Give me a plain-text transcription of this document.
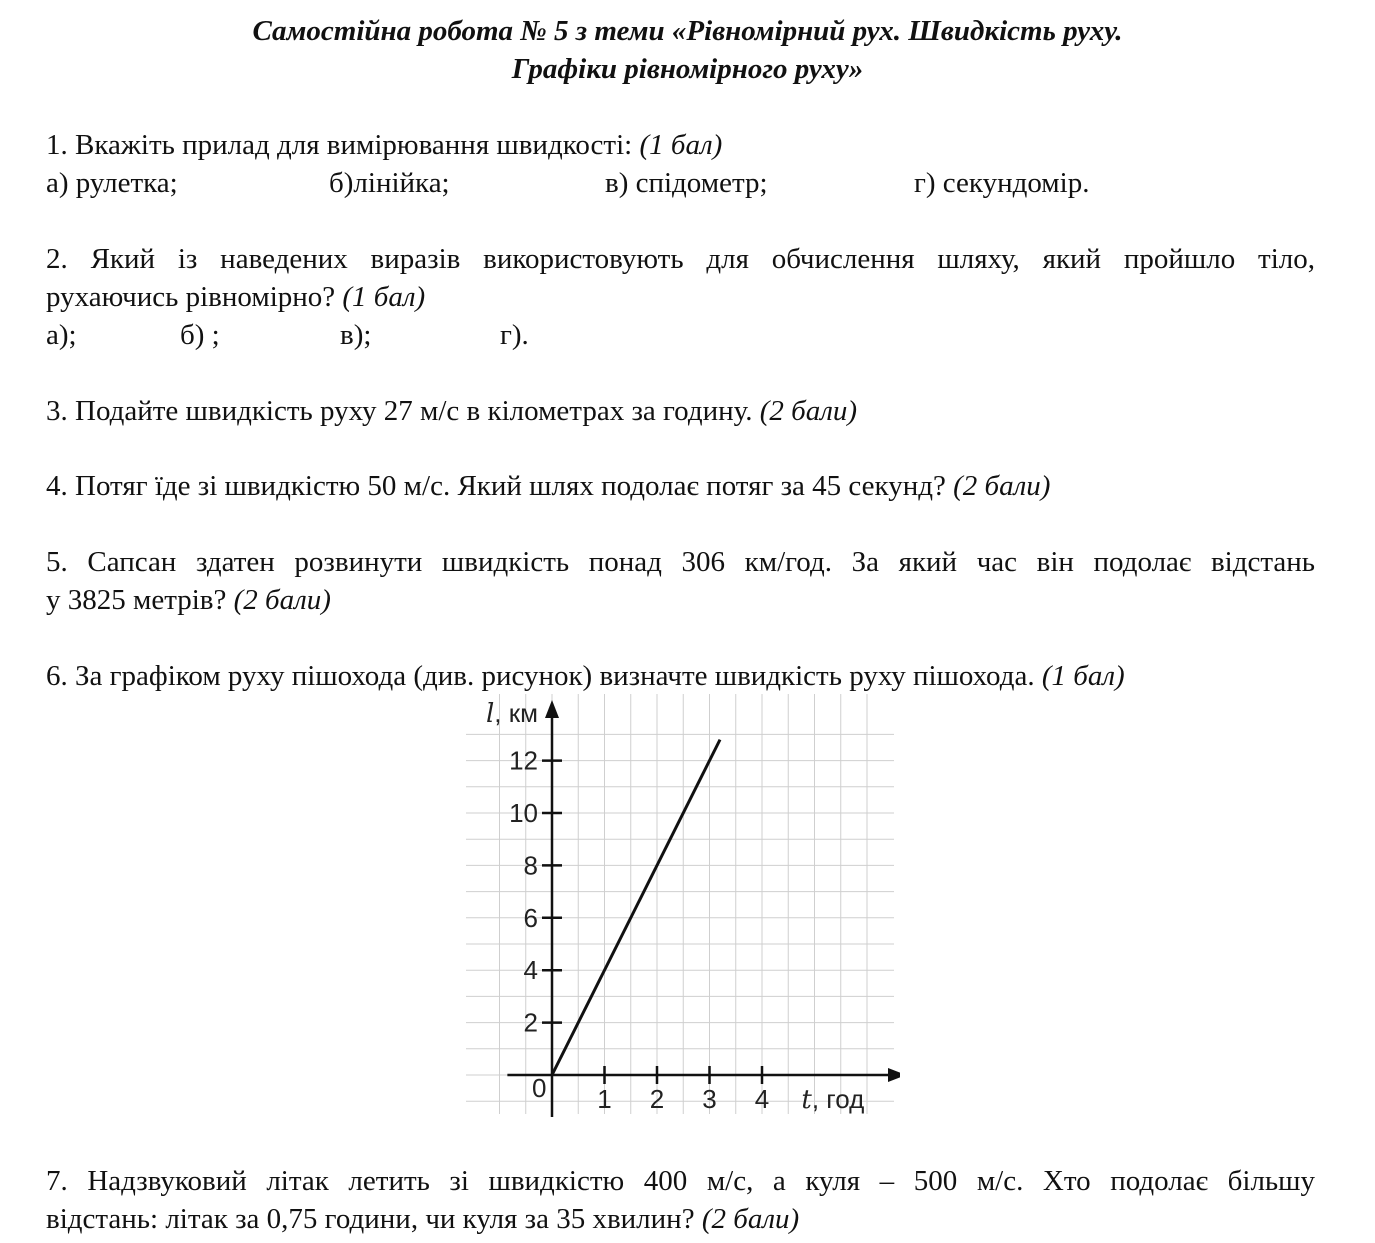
Самостійна робота № 5 з теми «Рівномірний рух. Швидкість руху.
Графіки рівномірного руху»
1. Вкажіть прилад для вимірювання швидкості: (1 бал)
а) рулетка;	б)лінійка;	в) спідометр;	г) секундомір.
2. Який із наведених виразів використовують для обчислення шляху, який пройшло тіло,
рухаючись рівномірно? (1 бал)
а);	б) ;	в);	г).
3. Подайте швидкість руху 27 м/с в кілометрах за годину. (2 бали)
4. Потяг їде зі швидкістю 50 м/с. Який шлях подолає потяг за 45 секунд? (2 бали)
5. Сапсан здатен розвинути швидкість понад 306 км/год. За який час він подолає відстань
у 3825 метрів? (2 бали)
6. За графіком руху пішохода (див. рисунок) визначте швидкість руху пішохода. (1 бал)
1 2 3 4
2
4
6
8
10
12
l, км
t, год
0
7. Надзвуковий літак летить зі швидкістю 400 м/с, а куля – 500 м/с. Хто подолає більшу
відстань: літак за 0,75 години, чи куля за 35 хвилин? (2 бали)
